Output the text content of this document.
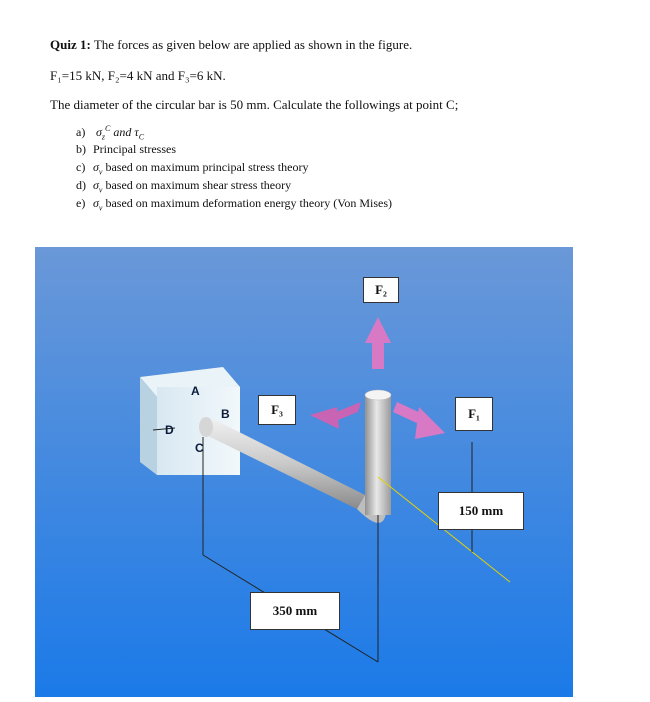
Quiz 1: The forces as given below are applied as shown in the figure.
F₁=15 kN, F₂=4 kN and F₃=6 kN.
The diameter of the circular bar is 50 mm. Calculate the followings at point C;
a) $\sigma_z^C$ and $\tau_C$
b) Principal stresses
c) $\sigma_v$ based on maximum principal stress theory
d) $\sigma_v$ based on maximum shear stress theory
e) $\sigma_v$ based on maximum deformation energy theory (Von Mises)
F₂
F₃	F₁
150 mm
350 mm
A
B
C
D
